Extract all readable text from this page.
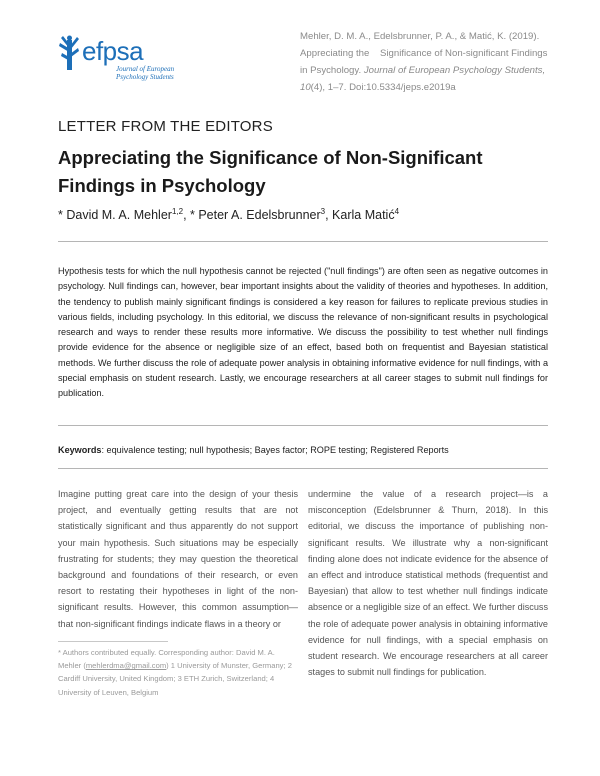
efpsa
Journal of European
Psychology Students
Mehler, D. M. A., Edelsbrunner, P. A., & Matić, K. (2019).
Appreciating the    Significance of Non-significant Findings
in Psychology. Journal of European Psychology Students,
10(4), 1–7. Doi:10.5334/jeps.e2019a
LETTER FROM THE EDITORS
Appreciating the Significance of Non-Significant Findings in Psychology
* David M. A. Mehler$^{1,2}$, * Peter A. Edelsbrunner$^3$, Karla Matić$^4$

Hypothesis tests for which the null hypothesis cannot be rejected ("null findings") are often seen as negative outcomes in psychology. Null findings can, however, bear important insights about the validity of theories and hypotheses. In addition, the tendency to publish mainly significant findings is considered a key reason for failures to replicate previous studies in various fields, including psychology. In this editorial, we discuss the relevance of non-significant results in psychological research and ways to render these results more informative. We discuss the possibility to test whether null findings provide evidence for the absence or negligible size of an effect, based both on frequentist and Bayesian statistical methods. We further discuss the role of adequate power analysis in obtaining informative evidence for null findings, with a special emphasis on student research. Lastly, we encourage researchers at all career stages to submit null findings for publication.

Keywords: equivalence testing; null hypothesis; Bayes factor; ROPE testing; Registered Reports

Imagine putting great care into the design of your thesis project, and eventually getting results that are not statistically significant and thus apparently do not support your main hypothesis. Such situations may be especially frustrating for students; they may question the theoretical background and foundations of their research, or even resort to restating their hypotheses in light of the non-significant results. However, this common assumption—that non-significant findings indicate flaws in a theory or

undermine the value of a research project—is a misconception (Edelsbrunner & Thurn, 2018). In this editorial, we discuss the importance of publishing non-significant results. We illustrate why a non-significant finding alone does not indicate evidence for the absence of an effect and introduce statistical methods (frequentist and Bayesian) that allow to test whether null findings indicate absence or a negligible size of an effect. We further discuss the role of adequate power analysis in obtaining informative evidence for null findings, with a special emphasis on student research. We encourage researchers at all career stages to submit null findings for publication.

* Authors contributed equally. Corresponding author: David M. A. Mehler (mehlerdma@gmail.com) 1 University of Munster, Germany; 2 Cardiff University, United Kingdom; 3 ETH Zurich, Switzerland; 4 University of Leuven, Belgium
